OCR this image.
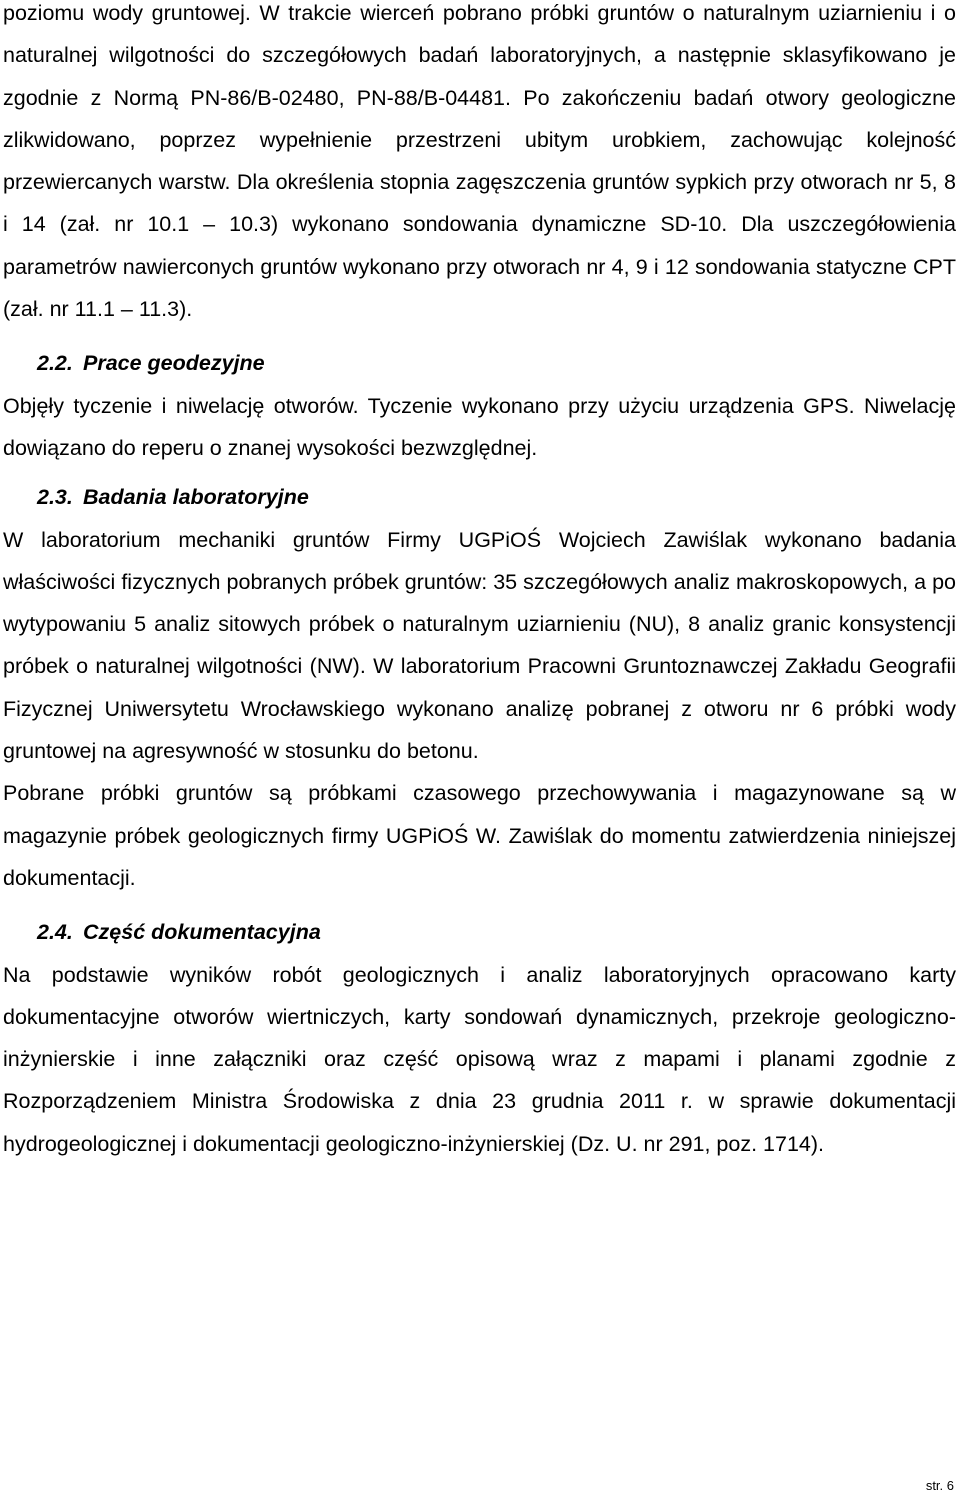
poziomu wody gruntowej. W trakcie wierceń pobrano próbki gruntów o naturalnym uziarnieniu i o naturalnej wilgotności do szczegółowych badań laboratoryjnych, a następnie sklasyfikowano je zgodnie z Normą PN-86/B-02480, PN-88/B-04481. Po zakończeniu badań otwory geologiczne zlikwidowano, poprzez wypełnienie przestrzeni ubitym urobkiem, zachowując kolejność przewiercanych warstw. Dla określenia stopnia zagęszczenia gruntów sypkich przy otworach nr 5, 8 i 14 (zał. nr 10.1 – 10.3) wykonano sondowania dynamiczne SD-10. Dla uszczegółowienia parametrów nawierconych gruntów wykonano przy otworach nr 4, 9 i 12 sondowania statyczne CPT (zał. nr 11.1 – 11.3).

2.2. Prace geodezyjne

Objęły tyczenie i niwelację otworów. Tyczenie wykonano przy użyciu urządzenia GPS. Niwelację dowiązano do reperu o znanej wysokości bezwzględnej.

2.3. Badania laboratoryjne

W laboratorium mechaniki gruntów Firmy UGPiOŚ Wojciech Zawiślak wykonano badania właściwości fizycznych pobranych próbek gruntów: 35 szczegółowych analiz makroskopowych, a po wytypowaniu 5 analiz sitowych próbek o naturalnym uziarnieniu (NU), 8 analiz granic konsystencji próbek o naturalnej wilgotności (NW). W laboratorium Pracowni Gruntoznawczej Zakładu Geografii Fizycznej Uniwersytetu Wrocławskiego wykonano analizę pobranej z otworu nr 6 próbki wody gruntowej na agresywność w stosunku do betonu.

Pobrane próbki gruntów są próbkami czasowego przechowywania i magazynowane są w magazynie próbek geologicznych firmy UGPiOŚ W. Zawiślak do momentu zatwierdzenia niniejszej dokumentacji.

2.4. Część dokumentacyjna

Na podstawie wyników robót geologicznych i analiz laboratoryjnych opracowano karty dokumentacyjne otworów wiertniczych, karty sondowań dynamicznych, przekroje geologiczno-inżynierskie i inne załączniki oraz część opisową wraz z mapami i planami zgodnie z Rozporządzeniem Ministra Środowiska z dnia 23 grudnia 2011 r. w sprawie dokumentacji hydrogeologicznej i dokumentacji geologiczno-inżynierskiej (Dz. U. nr 291, poz. 1714).

str. 6
